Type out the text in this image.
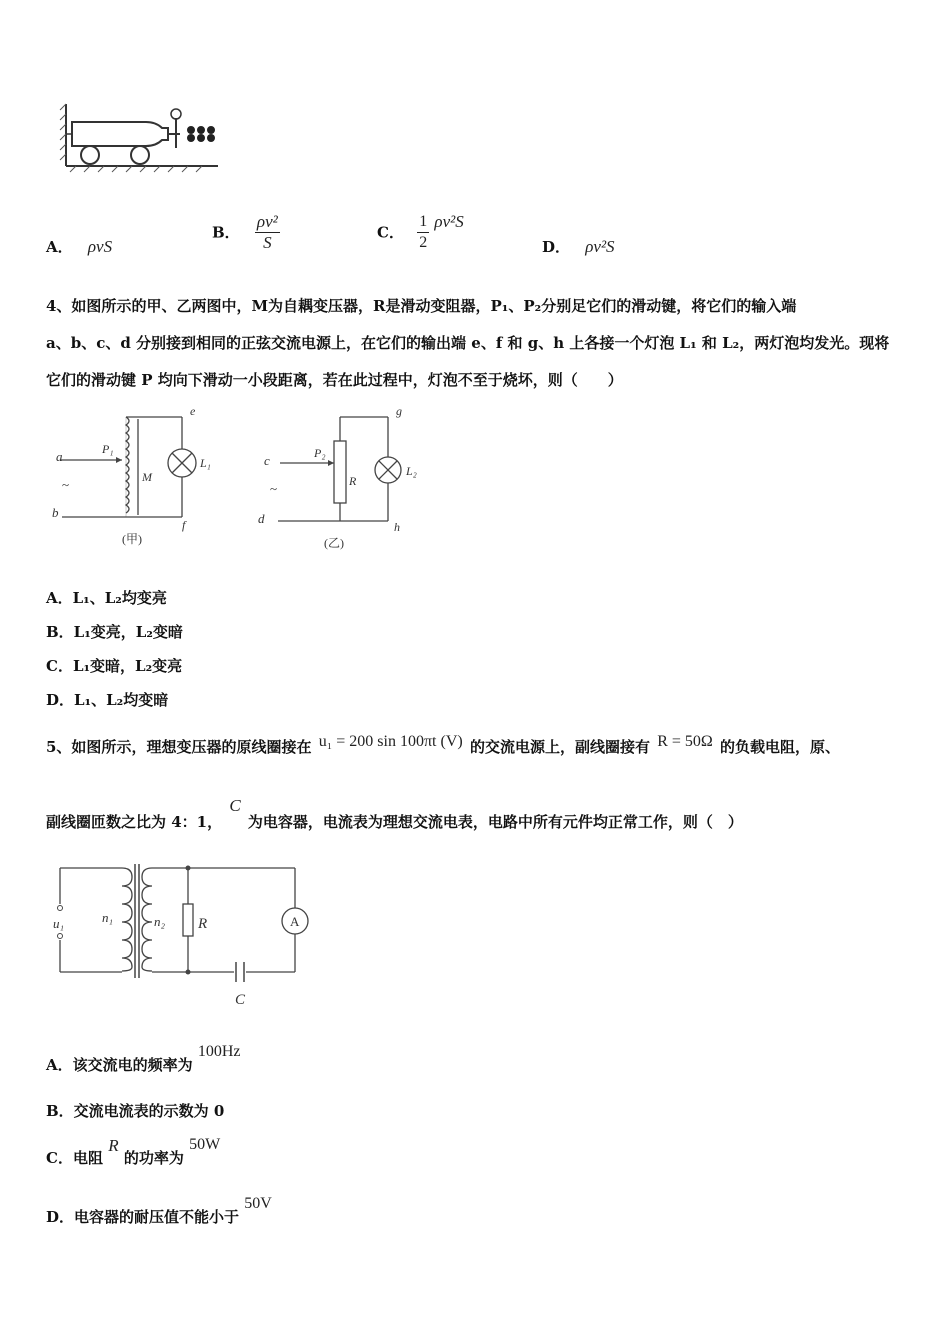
A． ρvS
B． $\frac{\text{ρv²}}{S}$	C． $\frac{1}{2} \rho v^2S$
D． ρv²S
4、如图所示的甲、乙两图中，M为自耦变压器，R是滑动变阻器，P₁、P₂分别足它们的滑动键，将它们的输入端
a、b、c、d 分别接到相同的正弦交流电源上，在它们的输出端 e、f 和 g、h 上各接一个灯泡 L₁ 和 L₂，两灯泡均发光。现将
它们的滑动键 P 均向下滑动一小段距离，若在此过程中，灯泡不至于烧坏，则（　　）
a
~
b
P₁
M
e
f
L₁
(甲)
c
~
d
P₂
R
g
h
L₂
(乙)
A．L₁、L₂均变亮
B．L₁变亮，L₂变暗
C．L₁变暗，L₂变亮
D．L₁、L₂均变暗
5、如图所示，理想变压器的原线圈接在 u₁ = 200 sin 100πt (V) 的交流电源上，副线圈接有 R = 50Ω 的负载电阻，原、
副线圈匝数之比为 4：1， C 为电容器，电流表为理想交流电表，电路中所有元件均正常工作，则（　）
u₁	n₁	n₂ R	A
C
A．该交流电的频率为 100Hz
B．交流电流表的示数为 0
C．电阻 R 的功率为 50W
D．电容器的耐压值不能小于 50V
